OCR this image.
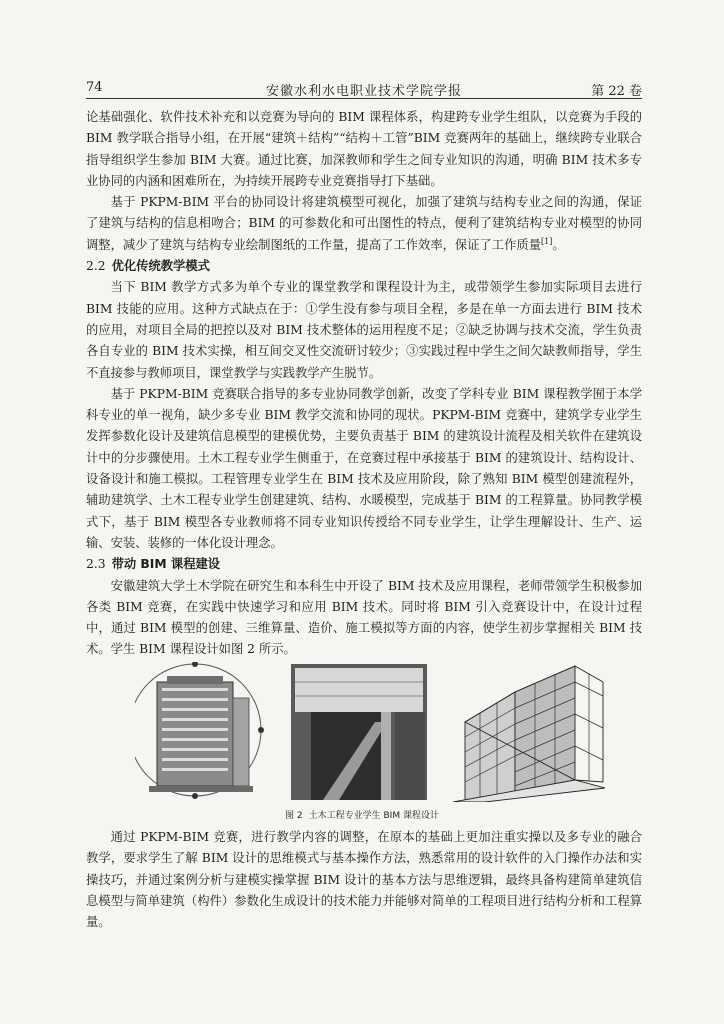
74	安徽水利水电职业技术学院学报	第 22 卷

论基础强化、软件技术补充和以竞赛为导向的 BIM 课程体系，构建跨专业学生组队，以竞赛为手段的 BIM 教学联合指导小组，在开展“建筑＋结构”“结构＋工管”BIM 竞赛两年的基础上，继续跨专业联合指导组织学生参加 BIM 大赛。通过比赛，加深教师和学生之间专业知识的沟通，明确 BIM 技术多专业协同的内涵和困难所在，为持续开展跨专业竞赛指导打下基础。

基于 PKPM-BIM 平台的协同设计将建筑模型可视化，加强了建筑与结构专业之间的沟通，保证了建筑与结构的信息相吻合；BIM 的可参数化和可出图性的特点，便利了建筑结构专业对模型的协同调整，减少了建筑与结构专业绘制图纸的工作量，提高了工作效率，保证了工作质量[1]。

2.2 优化传统教学模式

当下 BIM 教学方式多为单个专业的课堂教学和课程设计为主，或带领学生参加实际项目去进行 BIM 技能的应用。这种方式缺点在于：①学生没有参与项目全程，多是在单一方面去进行 BIM 技术的应用，对项目全局的把控以及对 BIM 技术整体的运用程度不足；②缺乏协调与技术交流，学生负责各自专业的 BIM 技术实操，相互间交叉性交流研讨较少；③实践过程中学生之间欠缺教师指导，学生不直接参与教师项目，课堂教学与实践教学产生脱节。

基于 PKPM-BIM 竞赛联合指导的多专业协同教学创新，改变了学科专业 BIM 课程教学囿于本学科专业的单一视角，缺少多专业 BIM 教学交流和协同的现状。PKPM-BIM 竞赛中，建筑学专业学生发挥参数化设计及建筑信息模型的建模优势，主要负责基于 BIM 的建筑设计流程及相关软件在建筑设计中的分步骤使用。土木工程专业学生侧重于，在竞赛过程中承接基于 BIM 的建筑设计、结构设计、设备设计和施工模拟。工程管理专业学生在 BIM 技术及应用阶段，除了熟知 BIM 模型创建流程外，辅助建筑学、土木工程专业学生创建建筑、结构、水暖模型，完成基于 BIM 的工程算量。协同教学模式下，基于 BIM 模型各专业教师将不同专业知识传授给不同专业学生，让学生理解设计、生产、运输、安装、装修的一体化设计理念。

2.3 带动 BIM 课程建设

安徽建筑大学土木学院在研究生和本科生中开设了 BIM 技术及应用课程，老师带领学生积极参加各类 BIM 竞赛，在实践中快速学习和应用 BIM 技术。同时将 BIM 引入竞赛设计中，在设计过程中，通过 BIM 模型的创建、三维算量、造价、施工模拟等方面的内容，使学生初步掌握相关 BIM 技术。学生 BIM 课程设计如图 2 所示。

图 2 土木工程专业学生 BIM 课程设计

通过 PKPM-BIM 竞赛，进行教学内容的调整，在原本的基础上更加注重实操以及多专业的融合教学，要求学生了解 BIM 设计的思维模式与基本操作方法，熟悉常用的设计软件的入门操作办法和实操技巧，并通过案例分析与建模实操掌握 BIM 设计的基本方法与思维逻辑，最终具备构建简单建筑信息模型与简单建筑（构件）参数化生成设计的技术能力并能够对简单的工程项目进行结构分析和工程算量。
